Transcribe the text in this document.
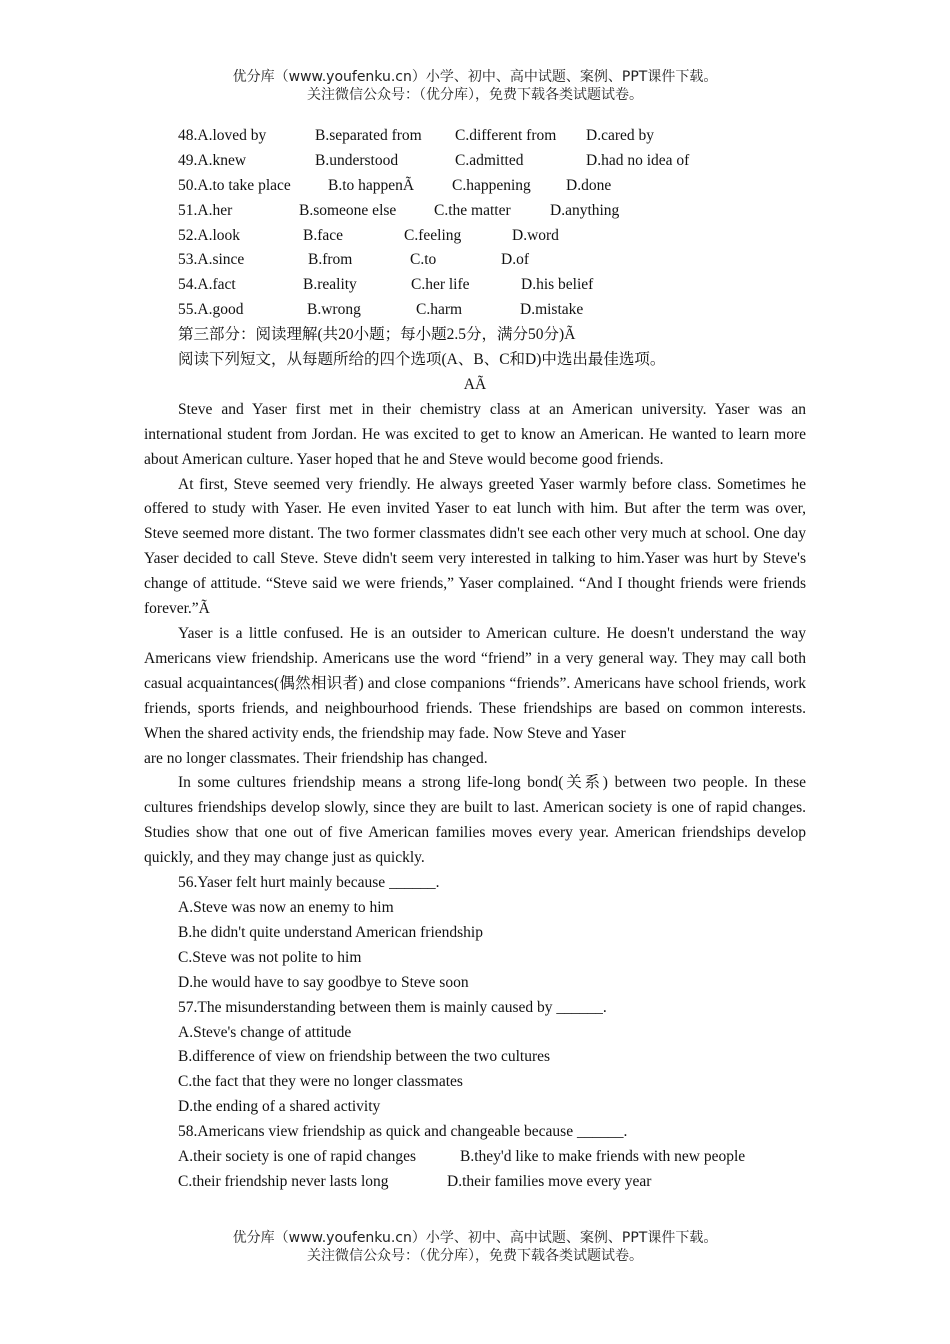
优分库（www.youfenku.cn）小学、初中、高中试题、案例、PPT课件下载。
关注微信公众号：（优分库），免费下载各类试题试卷。
48.A.loved by	B.separated from C.different from D.cared by
49.A.knew	B.understood	C.admitted	D.had no idea of
50.A.to take place B.to happenÃ C.happening D.done
51.A.her	B.someone else C.the matter	D.anything
52.A.look	B.face	C.feeling	D.word
53.A.since	B.from	C.to	D.of
54.A.fact	B.reality	C.her life	D.his belief
55.A.good	B.wrong	C.harm	D.mistake
第三部分：阅读理解(共20小题；每小题2.5分，满分50分)Ã
阅读下列短文，从每题所给的四个选项(A、B、C和D)中选出最佳选项。
AÃ
Steve and Yaser first met in their chemistry class at an American university. Yaser was an international student from Jordan. He was excited to get to know an American. He wanted to learn more about American culture. Yaser hoped that he and Steve would become good friends.
At first, Steve seemed very friendly. He always greeted Yaser warmly before class. Sometimes he offered to study with Yaser. He even invited Yaser to eat lunch with him. But after the term was over, Steve seemed more distant. The two former classmates didn't see each other very much at school. One day Yaser decided to call Steve. Steve didn't seem very interested in talking to him.Yaser was hurt by Steve's change of attitude. “Steve said we were friends,” Yaser complained. “And I thought friends were friends forever.”Ã
Yaser is a little confused. He is an outsider to American culture. He doesn't understand the way Americans view friendship. Americans use the word “friend” in a very general way. They may call both casual acquaintances(偶然相识者) and close companions “friends”. Americans have school friends, work friends, sports friends, and neighbourhood friends. These friendships are based on common interests. When the shared activity ends, the friendship may fade. Now Steve and Yaser
are no longer classmates. Their friendship has changed.
In some cultures friendship means a strong life-long bond(关系) between two people. In these cultures friendships develop slowly, since they are built to last. American society is one of rapid changes. Studies show that one out of five American families moves every year. American friendships develop quickly, and they may change just as quickly.
56.Yaser felt hurt mainly because ______.
A.Steve was now an enemy to him
B.he didn't quite understand American friendship
C.Steve was not polite to him
D.he would have to say goodbye to Steve soon
57.The misunderstanding between them is mainly caused by ______.
A.Steve's change of attitude
B.difference of view on friendship between the two cultures
C.the fact that they were no longer classmates
D.the ending of a shared activity
58.Americans view friendship as quick and changeable because ______.
A.their society is one of rapid changes	B.they'd like to make friends with new people
C.their friendship never lasts long	D.their families move every year
优分库（www.youfenku.cn）小学、初中、高中试题、案例、PPT课件下载。
关注微信公众号：（优分库），免费下载各类试题试卷。
